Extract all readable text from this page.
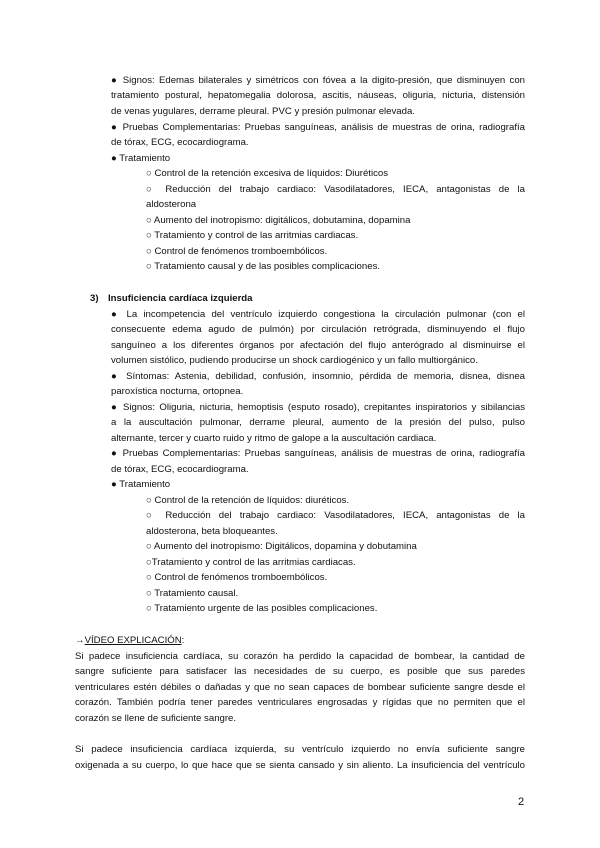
● Signos: Edemas bilaterales y simétricos con fóvea a la digito-presión, que disminuyen con
tratamiento postural, hepatomegalia dolorosa, ascitis, náuseas, oliguria, nicturia, distensión
de venas yugulares, derrame pleural. PVC y presión pulmonar elevada.
● Pruebas Complementarias: Pruebas sanguíneas, análisis de muestras de orina, radiografía
de tórax, ECG, ecocardiograma.
● Tratamiento
○ Control de la retención excesiva de líquidos: Diuréticos
○ Reducción del trabajo cardiaco: Vasodilatadores, IECA, antagonistas de la
aldosterona
○ Aumento del inotropismo: digitálicos, dobutamina, dopamina
○ Tratamiento y control de las arritmias cardiacas.
○ Control de fenómenos tromboembólicos.
○ Tratamiento causal y de las posibles complicaciones.
3) Insuficiencia cardíaca izquierda
● La incompetencia del ventrículo izquierdo congestiona la circulación pulmonar (con el
consecuente edema agudo de pulmón) por circulación retrógrada, disminuyendo el flujo
sanguíneo a los diferentes órganos por afectación del flujo anterógrado al disminuirse el
volumen sistólico, pudiendo producirse un shock cardiogénico y un fallo multiorgánico.
● Síntomas: Astenia, debilidad, confusión, insomnio, pérdida de memoria, disnea, disnea
paroxística nocturna, ortopnea.
● Signos: Oliguria, nicturia, hemoptisis (esputo rosado), crepitantes inspiratorios y sibilancias
a la auscultación pulmonar, derrame pleural, aumento de la presión del pulso, pulso
alternante, tercer y cuarto ruido y ritmo de galope a la auscultación cardiaca.
● Pruebas Complementarias: Pruebas sanguíneas, análisis de muestras de orina, radiografía
de tórax, ECG, ecocardiograma.
● Tratamiento
○ Control de la retención de líquidos: diuréticos.
○ Reducción del trabajo cardiaco: Vasodilatadores, IECA, antagonistas de la
aldosterona, beta bloqueantes.
○ Aumento del inotropismo: Digitálicos, dopamina y dobutamina
○Tratamiento y control de las arritmias cardiacas.
○ Control de fenómenos tromboembólicos.
○ Tratamiento causal.
○ Tratamiento urgente de las posibles complicaciones.
→VÍDEO EXPLICACIÓN:
Si padece insuficiencia cardíaca, su corazón ha perdido la capacidad de bombear, la cantidad de
sangre suficiente para satisfacer las necesidades de su cuerpo, es posible que sus paredes
ventriculares estén débiles o dañadas y que no sean capaces de bombear suficiente sangre desde el
corazón. También podría tener paredes ventriculares engrosadas y rígidas que no permiten que el
corazón se llene de suficiente sangre.
Si padece insuficiencia cardíaca izquierda, su ventrículo izquierdo no envía suficiente sangre
oxigenada a su cuerpo, lo que hace que se sienta cansado y sin aliento. La insuficiencia del ventrículo
2
